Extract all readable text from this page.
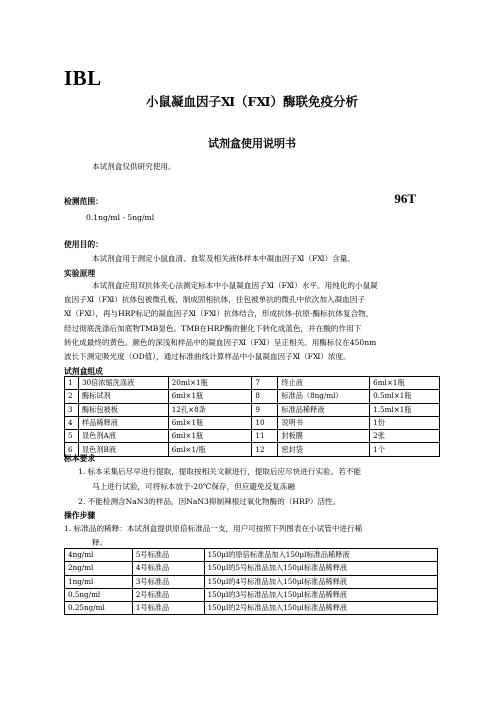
IBL
小鼠凝血因子Ⅺ（FⅪ）酶联免疫分析
试剂盒使用说明书
本试剂盒仅供研究使用。
检测范围：	96T
0.1ng/ml - 5ng/ml
使用目的：
本试剂盒用于测定小鼠血清、血浆及相关液体样本中凝血因子Ⅺ（FⅪ）含量。
实验原理
本试剂盒应用双抗体夹心法测定标本中小鼠凝血因子Ⅺ（FⅪ）水平。用纯化的小鼠凝
血因子Ⅺ（FⅪ）抗体包被微孔板，制成固相抗体，往包被单抗的微孔中依次加入凝血因子
Ⅺ（FⅪ），再与HRP标记的凝血因子Ⅺ（FⅪ）抗体结合，形成抗体-抗原-酶标抗体复合物，
经过彻底洗涤后加底物TMB显色。TMB在HRP酶的催化下转化成蓝色，并在酸的作用下
转化成最终的黄色。颜色的深浅和样品中的凝血因子Ⅺ（FⅪ）呈正相关。用酶标仪在450nm
波长下测定吸光度（OD值），通过标准曲线计算样品中小鼠凝血因子Ⅺ（FⅪ）浓度。
试剂盒组成
1	30倍浓缩洗涤液	20ml×1瓶	7	终止液	6ml×1瓶
2	酶标试剂	6ml×1瓶	8	标准品（8ng/ml）	0.5ml×1瓶
3	酶标包被板	12孔×8条	9	标准品稀释液	1.5ml×1瓶
4	样品稀释液	6ml×1瓶	10	说明书	1份
5	显色剂A液	6ml×1瓶	11	封板膜	2张
6	显色剂B液	6ml×1/瓶	12	密封袋	1个
标本要求
1. 标本采集后尽早进行提取，提取按相关文献进行，提取后应尽快进行实验。若不能
马上进行试验，可将标本放于-20℃保存，但应避免反复冻融
2. 不能检测含NaN3的样品，因NaN3抑制辣根过氧化物酶的（HRP）活性。
操作步骤
1. 标准品的稀释：本试剂盒提供原倍标准品一支，用户可按照下列图表在小试管中进行稀
释。
4ng/ml	5号标准品	150μl的原倍标准品加入150μl标准品稀释液
2ng/ml	4号标准品	150μl的5号标准品加入150μl标准品稀释液
1ng/ml	3号标准品	150μl的4号标准品加入150μl标准品稀释液
0.5ng/ml	2号标准品	150μl的3号标准品加入150μl标准品稀释液
0.25ng/ml	1号标准品	150μl的2号标准品加入150μl标准品稀释液
